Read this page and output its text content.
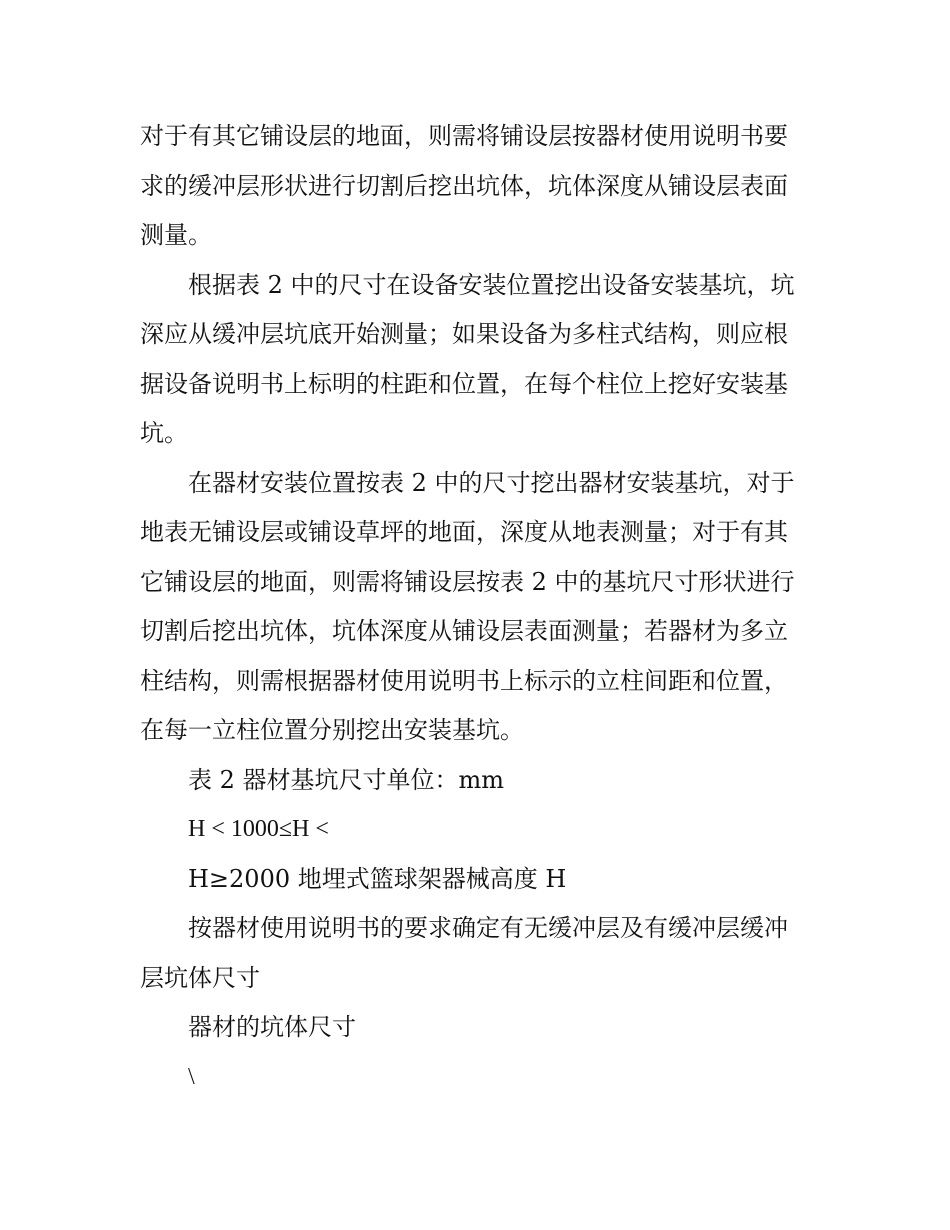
对于有其它铺设层的地面，则需将铺设层按器材使用说明书要
求的缓冲层形状进行切割后挖出坑体，坑体深度从铺设层表面
测量。
根据表 2 中的尺寸在设备安装位置挖出设备安装基坑，坑
深应从缓冲层坑底开始测量；如果设备为多柱式结构，则应根
据设备说明书上标明的柱距和位置，在每个柱位上挖好安装基
坑。
在器材安装位置按表 2 中的尺寸挖出器材安装基坑，对于
地表无铺设层或铺设草坪的地面，深度从地表测量；对于有其
它铺设层的地面，则需将铺设层按表 2 中的基坑尺寸形状进行
切割后挖出坑体，坑体深度从铺设层表面测量；若器材为多立
柱结构，则需根据器材使用说明书上标示的立柱间距和位置，
在每一立柱位置分别挖出安装基坑。
表 2 器材基坑尺寸单位：mm
H < 1000≤H <
H≥2000 地埋式篮球架器械高度 H
按器材使用说明书的要求确定有无缓冲层及有缓冲层缓冲
层坑体尺寸
器材的坑体尺寸
\
